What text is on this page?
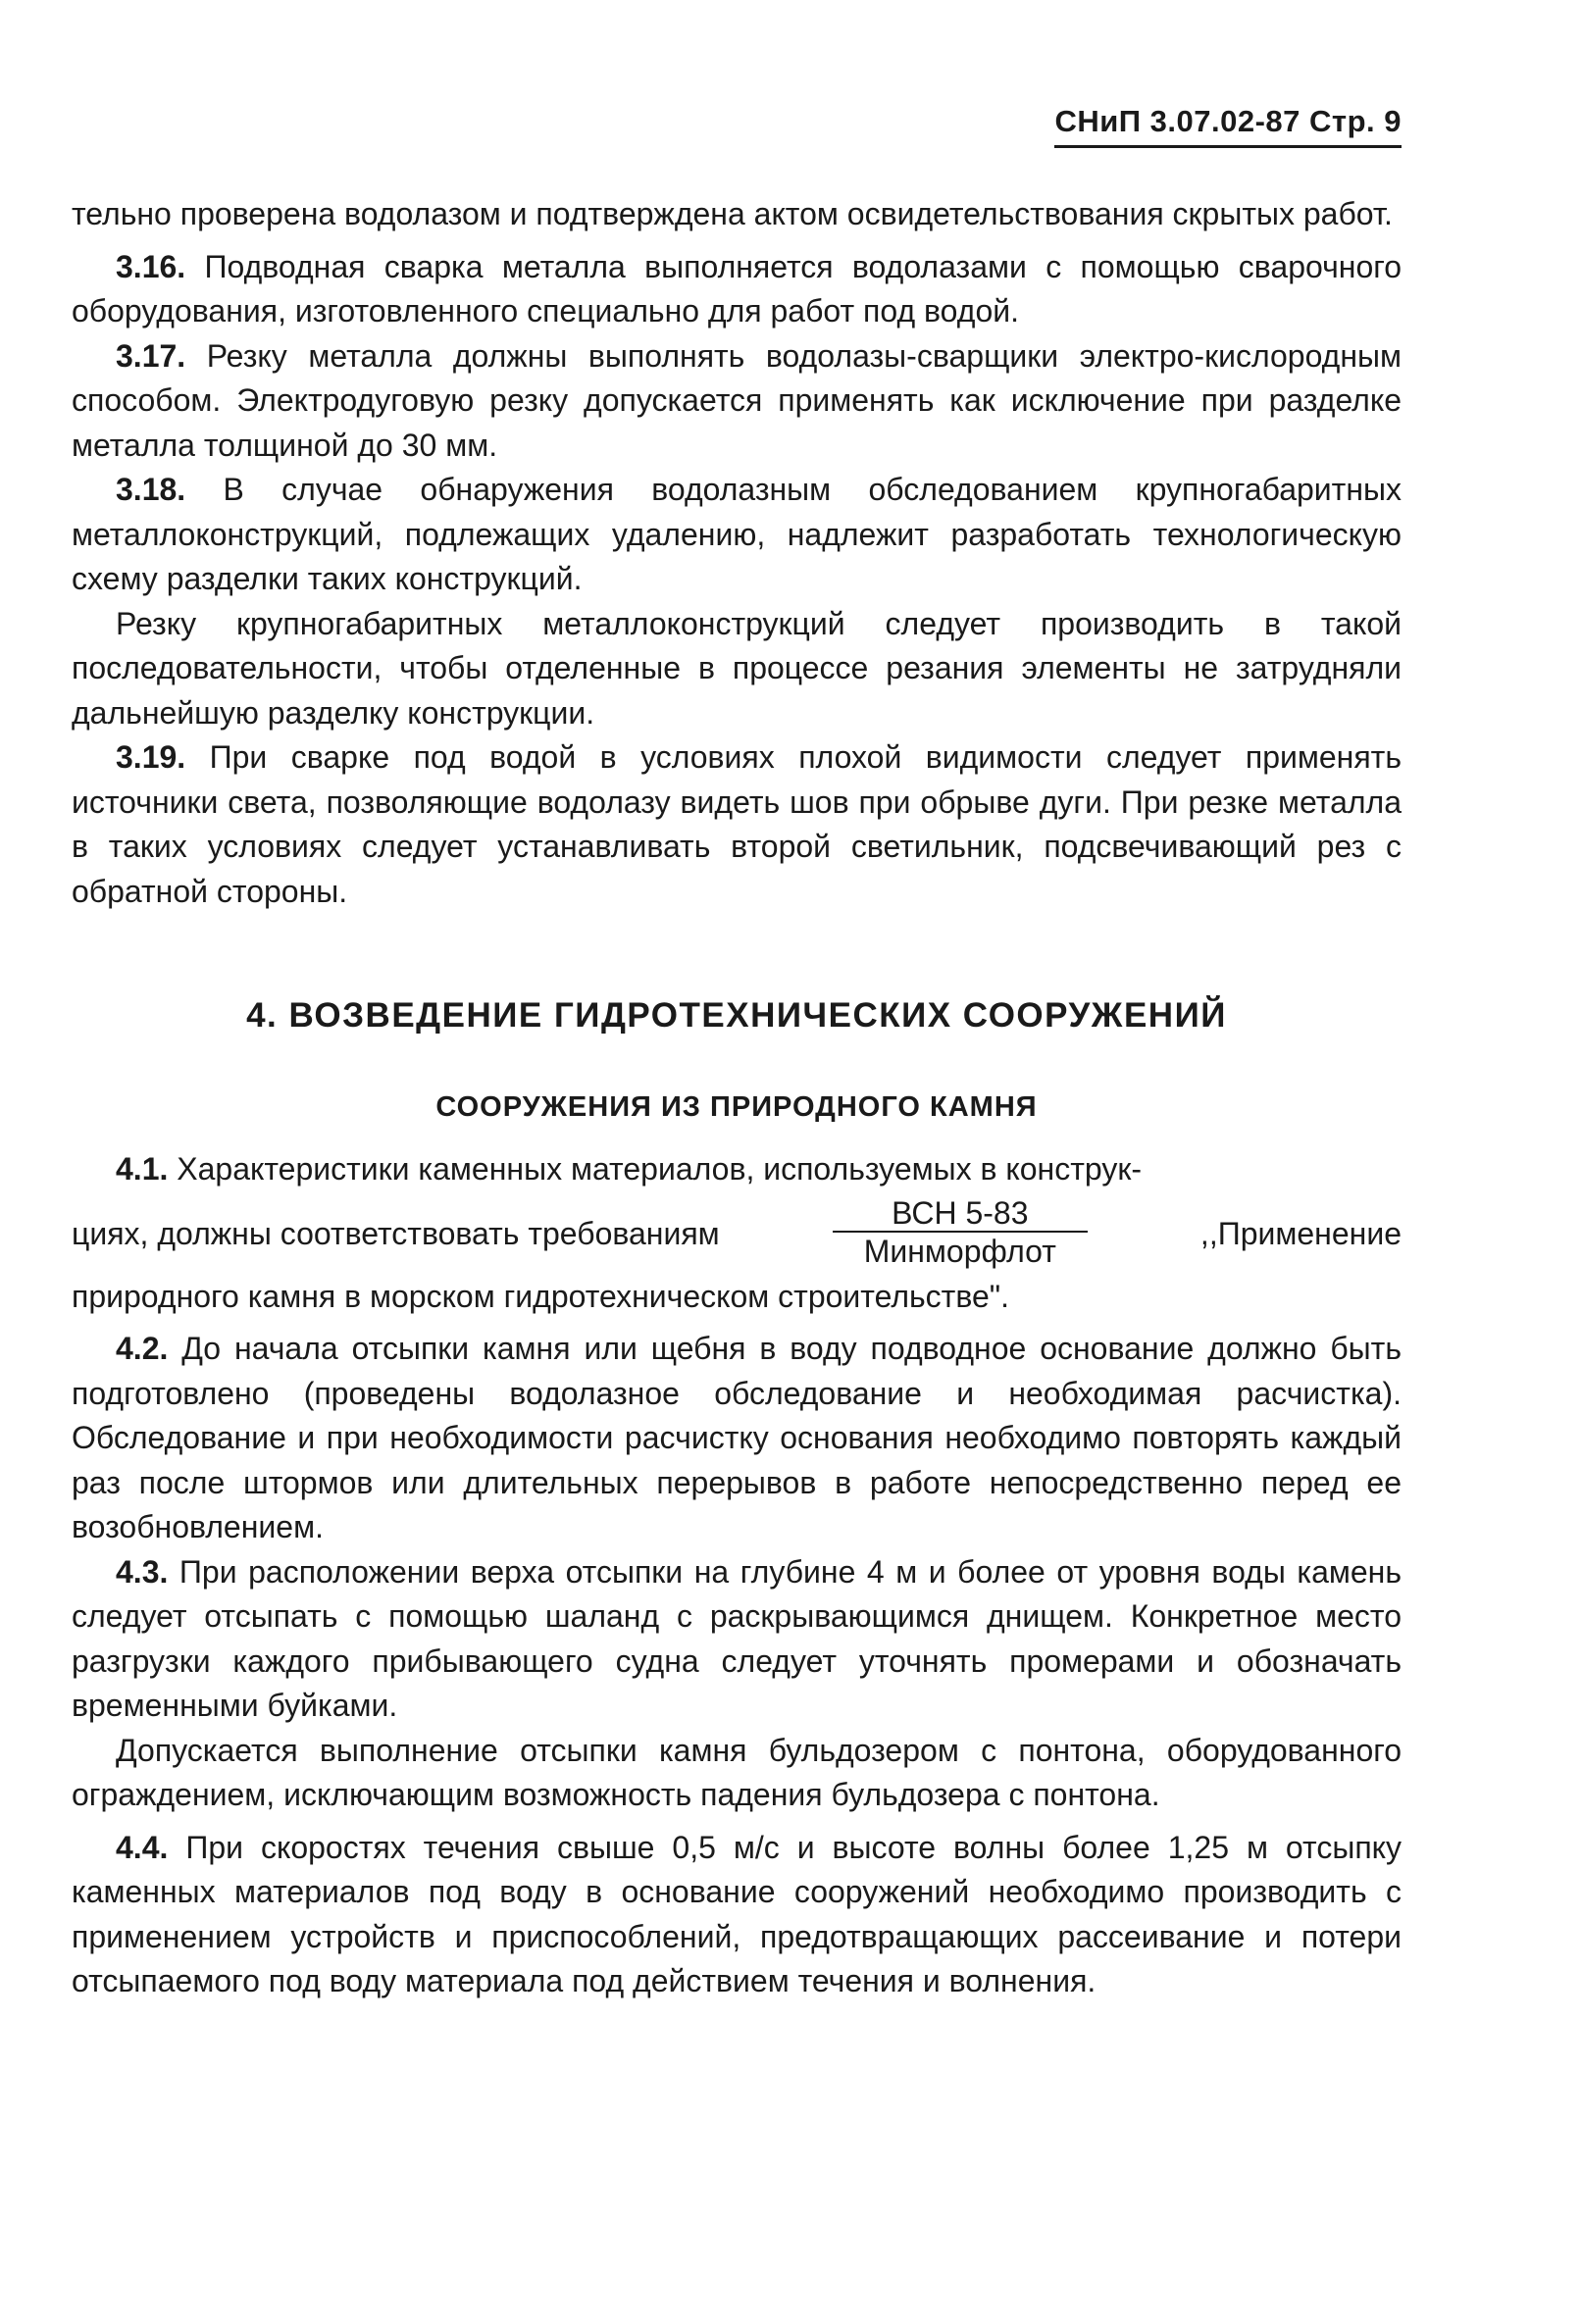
СНиП 3.07.02-87 Стр. 9

тельно проверена водолазом и подтверждена актом освидетельствования скрытых работ.

3.16. Подводная сварка металла выполняется водолазами с помощью сварочного оборудования, изготовленного специально для работ под водой.

3.17. Резку металла должны выполнять водолазы-сварщики электро-кислородным способом. Электродуговую резку допускается применять как исключение при разделке металла толщиной до 30 мм.

3.18. В случае обнаружения водолазным обследованием крупногабаритных металлоконструкций, подлежащих удалению, надлежит разработать технологическую схему разделки таких конструкций.

Резку крупногабаритных металлоконструкций следует производить в такой последовательности, чтобы отделенные в процессе резания элементы не затрудняли дальнейшую разделку конструкции.

3.19. При сварке под водой в условиях плохой видимости следует применять источники света, позволяющие водолазу видеть шов при обрыве дуги. При резке металла в таких условиях следует устанавливать второй светильник, подсвечивающий рез с обратной стороны.

4. ВОЗВЕДЕНИЕ ГИДРОТЕХНИЧЕСКИХ СООРУЖЕНИЙ
СООРУЖЕНИЯ ИЗ ПРИРОДНОГО КАМНЯ

4.1. Характеристики каменных материалов, используемых в конструк-

циях, должны соответствовать требованиям	$\frac{\text{ВСН 5-83}}{\text{Минморфлот}}$	,,Применение

природного камня в морском гидротехническом строительстве".

4.2. До начала отсыпки камня или щебня в воду подводное основание должно быть подготовлено (проведены водолазное обследование и необходимая расчистка). Обследование и при необходимости расчистку основания необходимо повторять каждый раз после штормов или длительных перерывов в работе непосредственно перед ее возобновлением.

4.3. При расположении верха отсыпки на глубине 4 м и более от уровня воды камень следует отсыпать с помощью шаланд с раскрывающимся днищем. Конкретное место разгрузки каждого прибывающего судна следует уточнять промерами и обозначать временными буйками.

Допускается выполнение отсыпки камня бульдозером с понтона, оборудованного ограждением, исключающим возможность падения бульдозера с понтона.

4.4. При скоростях течения свыше 0,5 м/с и высоте волны более 1,25 м отсыпку каменных материалов под воду в основание сооружений необходимо производить с применением устройств и приспособлений, предотвращающих рассеивание и потери отсыпаемого под воду материала под действием течения и волнения.
